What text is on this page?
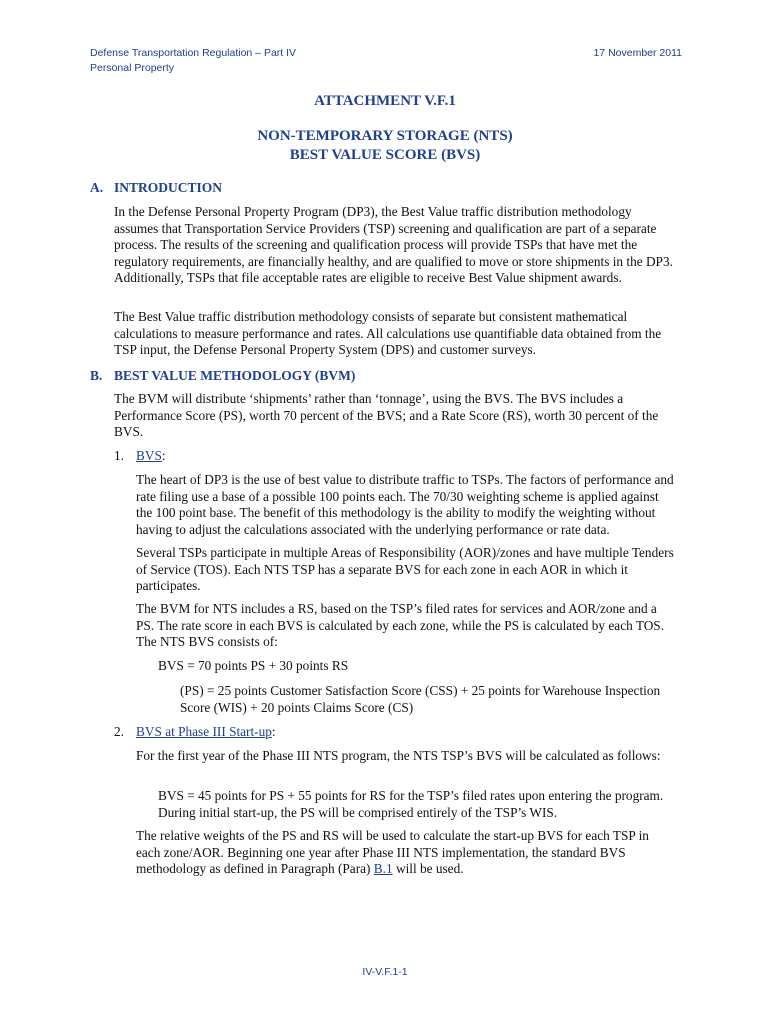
Defense Transportation Regulation – Part IV
Personal Property
17 November 2011
ATTACHMENT V.F.1
NON-TEMPORARY STORAGE (NTS)
BEST VALUE SCORE (BVS)
A. INTRODUCTION
In the Defense Personal Property Program (DP3), the Best Value traffic distribution methodology assumes that Transportation Service Providers (TSP) screening and qualification are part of a separate process. The results of the screening and qualification process will provide TSPs that have met the regulatory requirements, are financially healthy, and are qualified to move or store shipments in the DP3. Additionally, TSPs that file acceptable rates are eligible to receive Best Value shipment awards.
The Best Value traffic distribution methodology consists of separate but consistent mathematical calculations to measure performance and rates. All calculations use quantifiable data obtained from the TSP input, the Defense Personal Property System (DPS) and customer surveys.
B. BEST VALUE METHODOLOGY (BVM)
The BVM will distribute ‘shipments’ rather than ‘tonnage’, using the BVS. The BVS includes a Performance Score (PS), worth 70 percent of the BVS; and a Rate Score (RS), worth 30 percent of the BVS.
1. BVS:
The heart of DP3 is the use of best value to distribute traffic to TSPs. The factors of performance and rate filing use a base of a possible 100 points each. The 70/30 weighting scheme is applied against the 100 point base. The benefit of this methodology is the ability to modify the weighting without having to adjust the calculations associated with the underlying performance or rate data.
Several TSPs participate in multiple Areas of Responsibility (AOR)/zones and have multiple Tenders of Service (TOS). Each NTS TSP has a separate BVS for each zone in each AOR in which it participates.
The BVM for NTS includes a RS, based on the TSP’s filed rates for services and AOR/zone and a PS. The rate score in each BVS is calculated by each zone, while the PS is calculated by each TOS. The NTS BVS consists of:
BVS = 70 points PS + 30 points RS
(PS) = 25 points Customer Satisfaction Score (CSS) + 25 points for Warehouse Inspection Score (WIS) + 20 points Claims Score (CS)
2. BVS at Phase III Start-up:
For the first year of the Phase III NTS program, the NTS TSP’s BVS will be calculated as follows:
BVS = 45 points for PS + 55 points for RS for the TSP’s filed rates upon entering the program. During initial start-up, the PS will be comprised entirely of the TSP’s WIS.
The relative weights of the PS and RS will be used to calculate the start-up BVS for each TSP in each zone/AOR. Beginning one year after Phase III NTS implementation, the standard BVS methodology as defined in Paragraph (Para) B.1 will be used.
IV-V.F.1-1
